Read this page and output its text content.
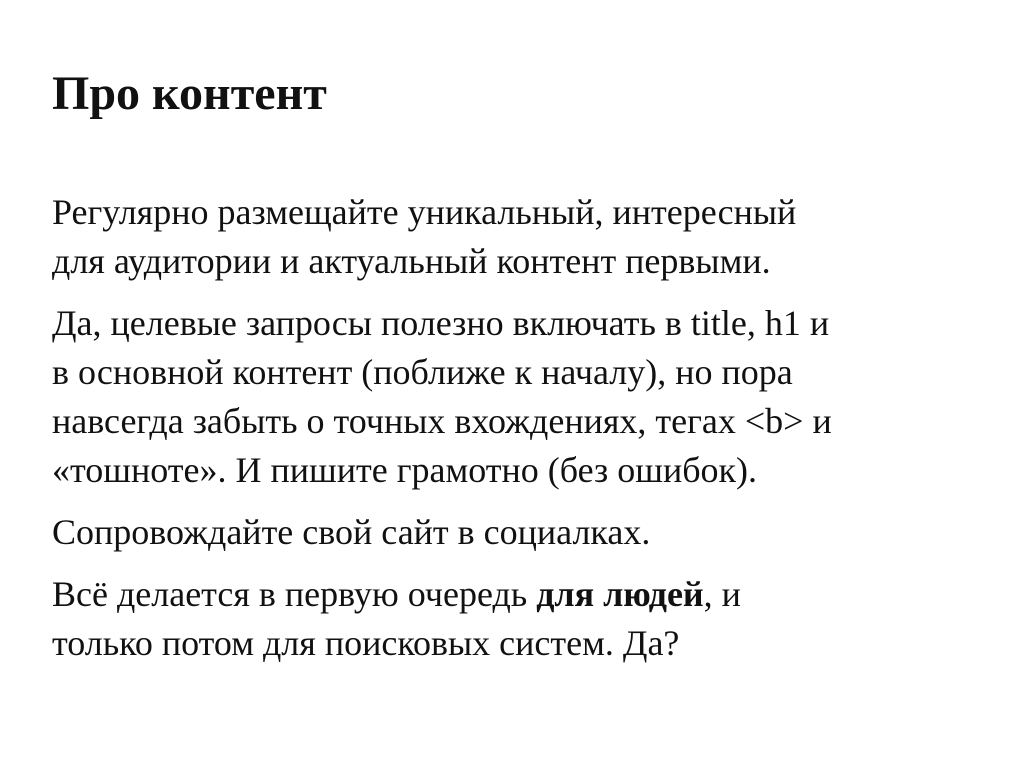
Про контент

Регулярно размещайте уникальный, интересный
для аудитории и актуальный контент первыми.

Да, целевые запросы полезно включать в title, h1 и
в основной контент (поближе к началу), но пора
навсегда забыть о точных вхождениях, тегах <b> и
«тошноте». И пишите грамотно (без ошибок).

Сопровождайте свой сайт в социалках.

Всё делается в первую очередь для людей, и
только потом для поисковых систем. Да?
